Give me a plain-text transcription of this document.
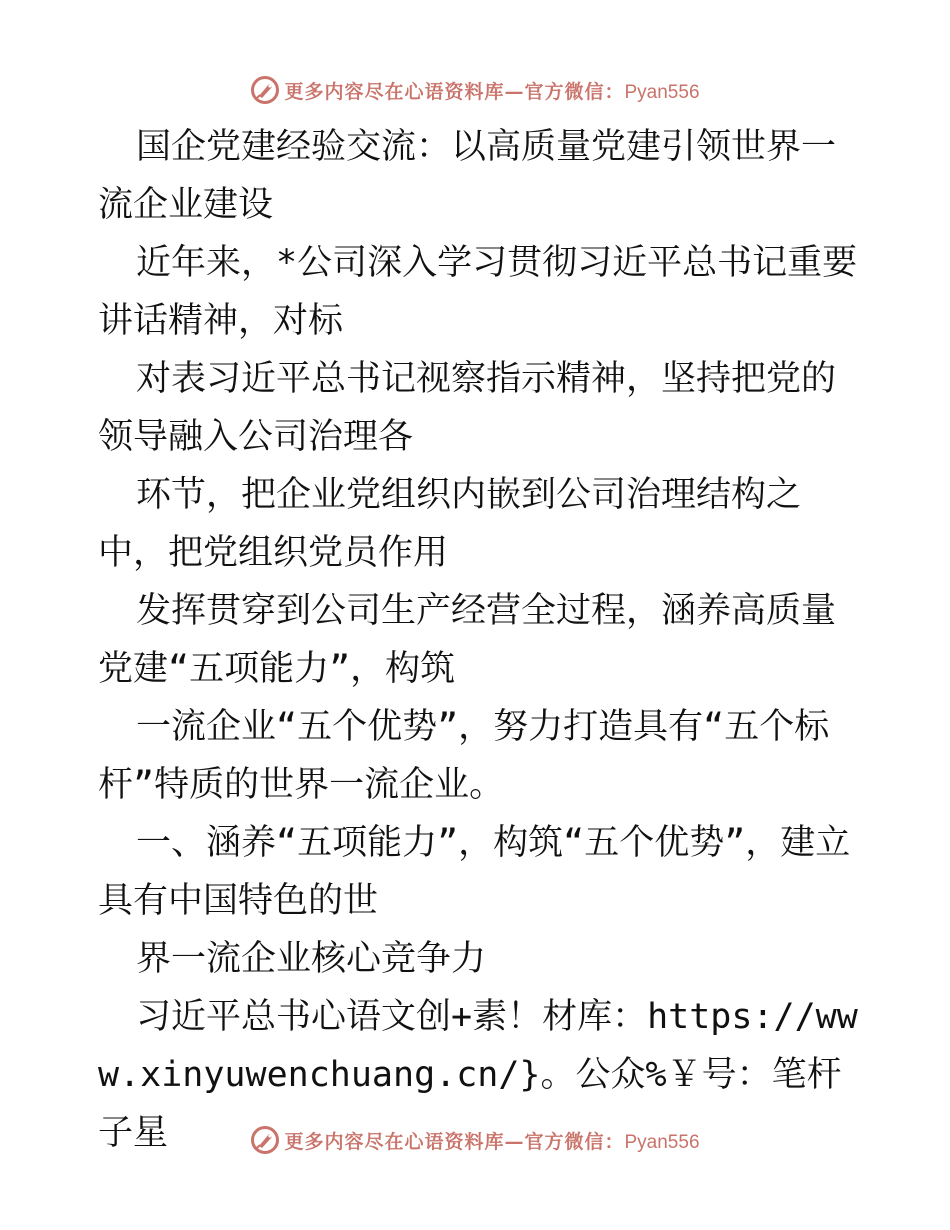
更多内容尽在心语资料库—官方微信：Pyan556

国企党建经验交流：以高质量党建引领世界一流企业建设

近年来，*公司深入学习贯彻习近平总书记重要讲话精神，对标

对表习近平总书记视察指示精神，坚持把党的领导融入公司治理各

环节，把企业党组织内嵌到公司治理结构之中，把党组织党员作用

发挥贯穿到公司生产经营全过程，涵养高质量党建“五项能力”，构筑

一流企业“五个优势”，努力打造具有“五个标杆”特质的世界一流企业。

一、涵养“五项能力”，构筑“五个优势”，建立具有中国特色的世

界一流企业核心竞争力

习近平总书心语文创+素！材库：https://www.xinyuwenchuang.cn/}。公众%￥号：笔杆子星	更多内容尽在心语资料库—官方微信：Pyan556
